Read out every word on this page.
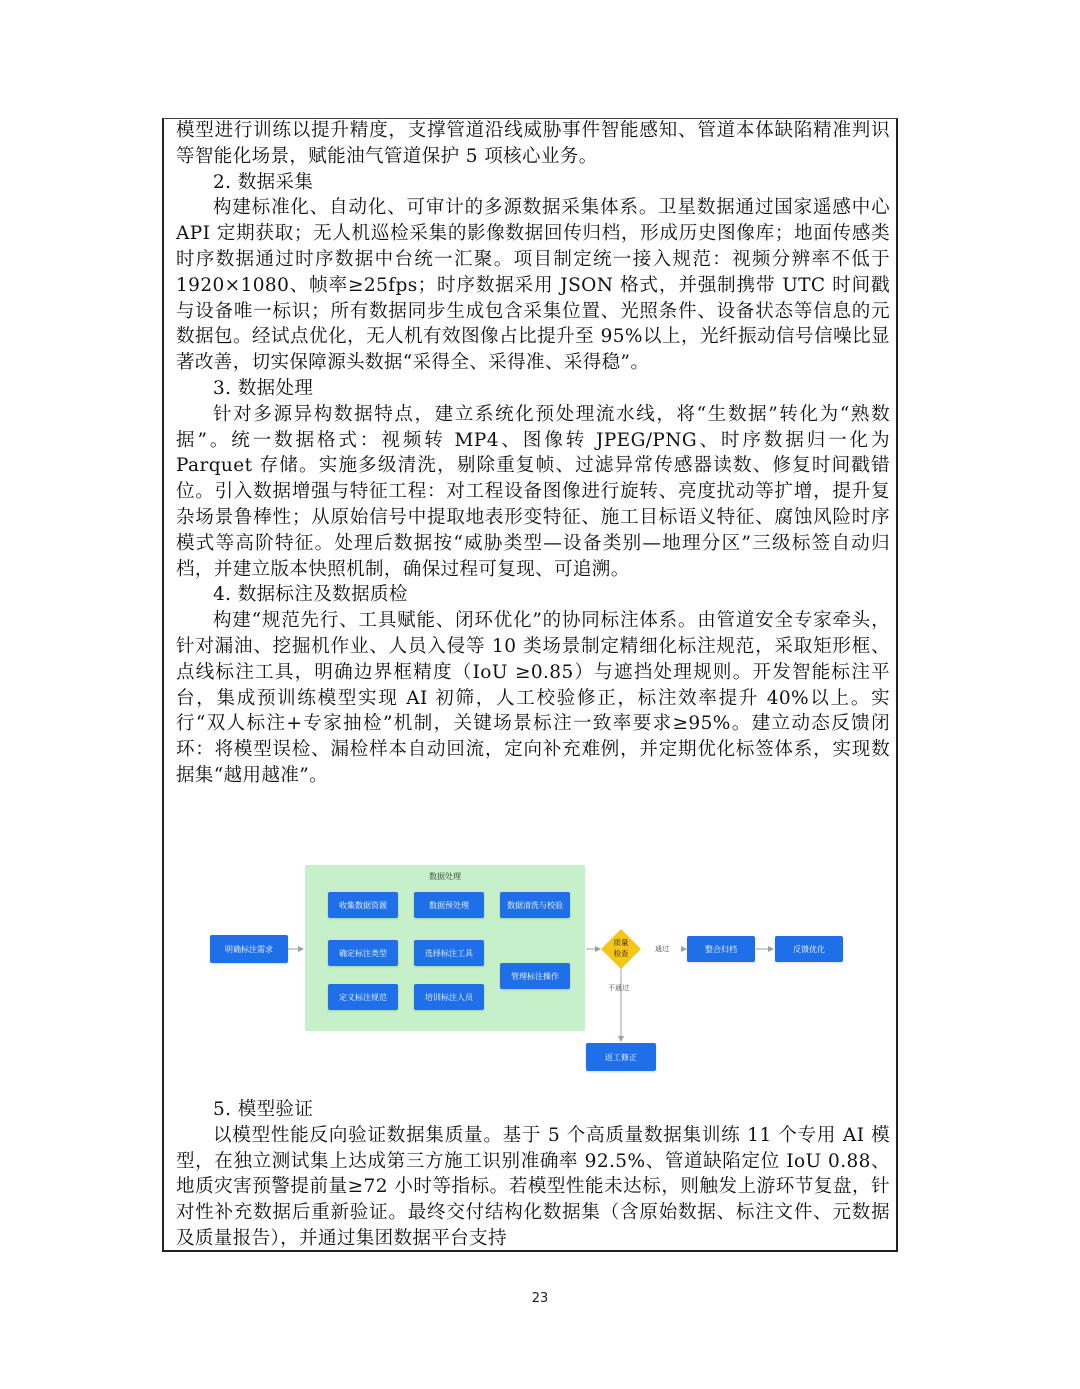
模型进行训练以提升精度，支撑管道沿线威胁事件智能感知、管道本体缺陷精准判识等智能化场景，赋能油气管道保护 5 项核心业务。

2. 数据采集

构建标准化、自动化、可审计的多源数据采集体系。卫星数据通过国家遥感中心 API 定期获取；无人机巡检采集的影像数据回传归档，形成历史图像库；地面传感类时序数据通过时序数据中台统一汇聚。项目制定统一接入规范：视频分辨率不低于 1920×1080、帧率≥25fps；时序数据采用 JSON 格式，并强制携带 UTC 时间戳与设备唯一标识；所有数据同步生成包含采集位置、光照条件、设备状态等信息的元数据包。经试点优化，无人机有效图像占比提升至 95%以上，光纤振动信号信噪比显著改善，切实保障源头数据“采得全、采得准、采得稳”。

3. 数据处理

针对多源异构数据特点，建立系统化预处理流水线，将“生数据”转化为“熟数据”。统一数据格式：视频转 MP4、图像转 JPEG/PNG、时序数据归一化为 Parquet 存储。实施多级清洗，剔除重复帧、过滤异常传感器读数、修复时间戳错位。引入数据增强与特征工程：对工程设备图像进行旋转、亮度扰动等扩增，提升复杂场景鲁棒性；从原始信号中提取地表形变特征、施工目标语义特征、腐蚀风险时序模式等高阶特征。处理后数据按“威胁类型—设备类别—地理分区”三级标签自动归档，并建立版本快照机制，确保过程可复现、可追溯。

4. 数据标注及数据质检

构建“规范先行、工具赋能、闭环优化”的协同标注体系。由管道安全专家牵头，针对漏油、挖掘机作业、人员入侵等 10 类场景制定精细化标注规范，采取矩形框、点线标注工具，明确边界框精度（IoU ≥0.85）与遮挡处理规则。开发智能标注平台，集成预训练模型实现 AI 初筛，人工校验修正，标注效率提升 40%以上。实行“双人标注+专家抽检”机制，关键场景标注一致率要求≥95%。建立动态反馈闭环：将模型误检、漏检样本自动回流，定向补充难例，并定期优化标签体系，实现数据集“越用越准”。

数据处理
明确标注需求
收集数据资源	数据预处理	数据清洗与校验
确定标注类型	选择标注工具
管理标注操作
定义标注规范	培训标注人员
质量
检查	通过
不通过
整合归档	反馈优化
返工修正

5. 模型验证

以模型性能反向验证数据集质量。基于 5 个高质量数据集训练 11 个专用 AI 模型，在独立测试集上达成第三方施工识别准确率 92.5%、管道缺陷定位 IoU 0.88、地质灾害预警提前量≥72 小时等指标。若模型性能未达标，则触发上游环节复盘，针对性补充数据后重新验证。最终交付结构化数据集（含原始数据、标注文件、元数据及质量报告），并通过集团数据平台支持

23
